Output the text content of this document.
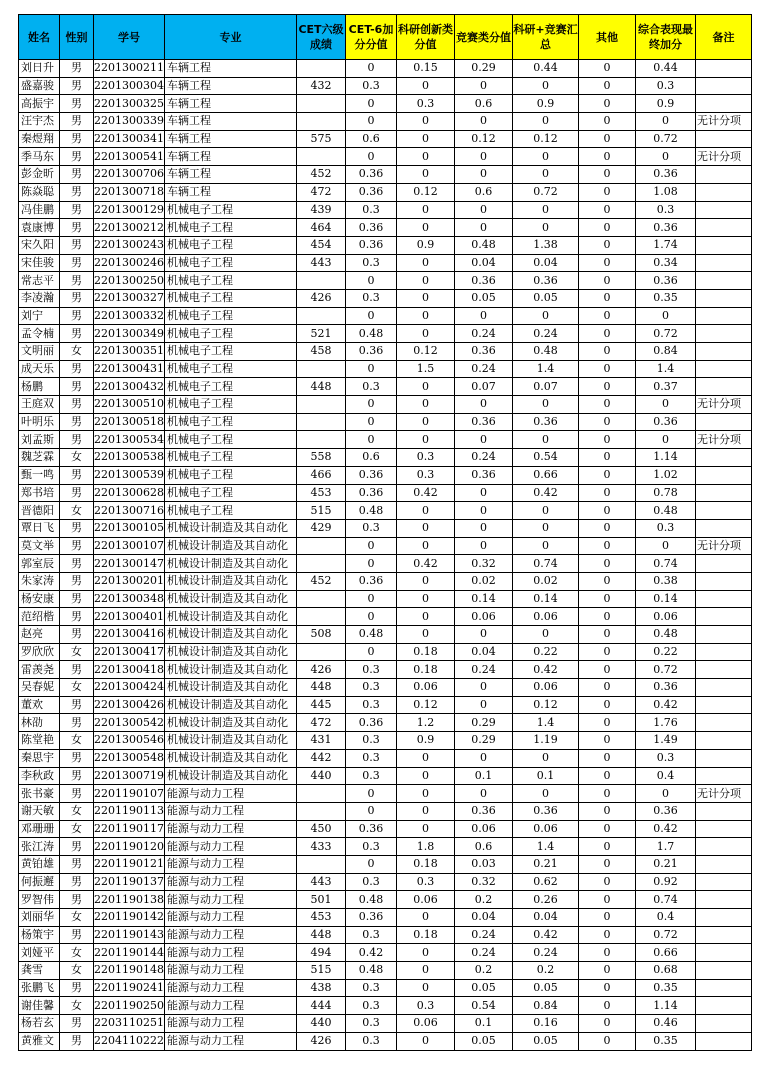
姓名	性别	学号	专业	CET六级成绩	CET-6加分分值	科研创新类分值	竞赛类分值	科研+竞赛汇总	其他	综合表现最终加分	备注
刘日升	男	2201300211	车辆工程		0	0.15	0.29	0.44	0	0.44	
盛嘉骏	男	2201300304	车辆工程	432	0.3	0	0	0	0	0.3	
高振宇	男	2201300325	车辆工程		0	0.3	0.6	0.9	0	0.9	
汪宇杰	男	2201300339	车辆工程		0	0	0	0	0	0	无计分项
秦煜翔	男	2201300341	车辆工程	575	0.6	0	0.12	0.12	0	0.72	
季马东	男	2201300541	车辆工程		0	0	0	0	0	0	无计分项
彭金昕	男	2201300706	车辆工程	452	0.36	0	0	0	0	0.36	
陈焱聪	男	2201300718	车辆工程	472	0.36	0.12	0.6	0.72	0	1.08	
冯佳鹏	男	2201300129	机械电子工程	439	0.3	0	0	0	0	0.3	
袁康博	男	2201300212	机械电子工程	464	0.36	0	0	0	0	0.36	
宋久阳	男	2201300243	机械电子工程	454	0.36	0.9	0.48	1.38	0	1.74	
宋佳骏	男	2201300246	机械电子工程	443	0.3	0	0.04	0.04	0	0.34	
常志平	男	2201300250	机械电子工程		0	0	0.36	0.36	0	0.36	
李凌瀚	男	2201300327	机械电子工程	426	0.3	0	0.05	0.05	0	0.35	
刘宁	男	2201300332	机械电子工程		0	0	0	0	0	0	
孟令楠	男	2201300349	机械电子工程	521	0.48	0	0.24	0.24	0	0.72	
文明丽	女	2201300351	机械电子工程	458	0.36	0.12	0.36	0.48	0	0.84	
成天乐	男	2201300431	机械电子工程		0	1.5	0.24	1.4	0	1.4	
杨鹏	男	2201300432	机械电子工程	448	0.3	0	0.07	0.07	0	0.37	
王庭双	男	2201300510	机械电子工程		0	0	0	0	0	0	无计分项
叶明乐	男	2201300518	机械电子工程		0	0	0.36	0.36	0	0.36	
刘孟斯	男	2201300534	机械电子工程		0	0	0	0	0	0	无计分项
魏芝霖	女	2201300538	机械电子工程	558	0.6	0.3	0.24	0.54	0	1.14	
甄一鸣	男	2201300539	机械电子工程	466	0.36	0.3	0.36	0.66	0	1.02	
郑书培	男	2201300628	机械电子工程	453	0.36	0.42	0	0.42	0	0.78	
晋德阳	女	2201300716	机械电子工程	515	0.48	0	0	0	0	0.48	
覃日飞	男	2201300105	机械设计制造及其自动化	429	0.3	0	0	0	0	0.3	
莫文举	男	2201300107	机械设计制造及其自动化		0	0	0	0	0	0	无计分项
郭室辰	男	2201300147	机械设计制造及其自动化		0	0.42	0.32	0.74	0	0.74	
朱家涛	男	2201300201	机械设计制造及其自动化	452	0.36	0	0.02	0.02	0	0.38	
杨安康	男	2201300348	机械设计制造及其自动化		0	0	0.14	0.14	0	0.14	
范绍楷	男	2201300401	机械设计制造及其自动化		0	0	0.06	0.06	0	0.06	
赵亮	男	2201300416	机械设计制造及其自动化	508	0.48	0	0	0	0	0.48	
罗欣欣	女	2201300417	机械设计制造及其自动化		0	0.18	0.04	0.22	0	0.22	
雷羡尧	男	2201300418	机械设计制造及其自动化	426	0.3	0.18	0.24	0.42	0	0.72	
吴春妮	女	2201300424	机械设计制造及其自动化	448	0.3	0.06	0	0.06	0	0.36	
董欢	男	2201300426	机械设计制造及其自动化	445	0.3	0.12	0	0.12	0	0.42	
林劭	男	2201300542	机械设计制造及其自动化	472	0.36	1.2	0.29	1.4	0	1.76	
陈堂艳	女	2201300546	机械设计制造及其自动化	431	0.3	0.9	0.29	1.19	0	1.49	
秦思宇	男	2201300548	机械设计制造及其自动化	442	0.3	0	0	0	0	0.3	
李秋政	男	2201300719	机械设计制造及其自动化	440	0.3	0	0.1	0.1	0	0.4	
张书豪	男	2201190107	能源与动力工程		0	0	0	0	0	0	无计分项
谢天敏	女	2201190113	能源与动力工程		0	0	0.36	0.36	0	0.36	
邓珊珊	女	2201190117	能源与动力工程	450	0.36	0	0.06	0.06	0	0.42	
张江涛	男	2201190120	能源与动力工程	433	0.3	1.8	0.6	1.4	0	1.7	
黄铂雄	男	2201190121	能源与动力工程		0	0.18	0.03	0.21	0	0.21	
何振邂	男	2201190137	能源与动力工程	443	0.3	0.3	0.32	0.62	0	0.92	
罗智伟	男	2201190138	能源与动力工程	501	0.48	0.06	0.2	0.26	0	0.74	
刘丽华	女	2201190142	能源与动力工程	453	0.36	0	0.04	0.04	0	0.4	
杨策宇	男	2201190143	能源与动力工程	448	0.3	0.18	0.24	0.42	0	0.72	
刘娅平	女	2201190144	能源与动力工程	494	0.42	0	0.24	0.24	0	0.66	
龚雪	女	2201190148	能源与动力工程	515	0.48	0	0.2	0.2	0	0.68	
张鹏飞	男	2201190241	能源与动力工程	438	0.3	0	0.05	0.05	0	0.35	
谢佳馨	女	2201190250	能源与动力工程	444	0.3	0.3	0.54	0.84	0	1.14	
杨若玄	男	2203110251	能源与动力工程	440	0.3	0.06	0.1	0.16	0	0.46	
黄雅文	男	2204110222	能源与动力工程	426	0.3	0	0.05	0.05	0	0.35	
